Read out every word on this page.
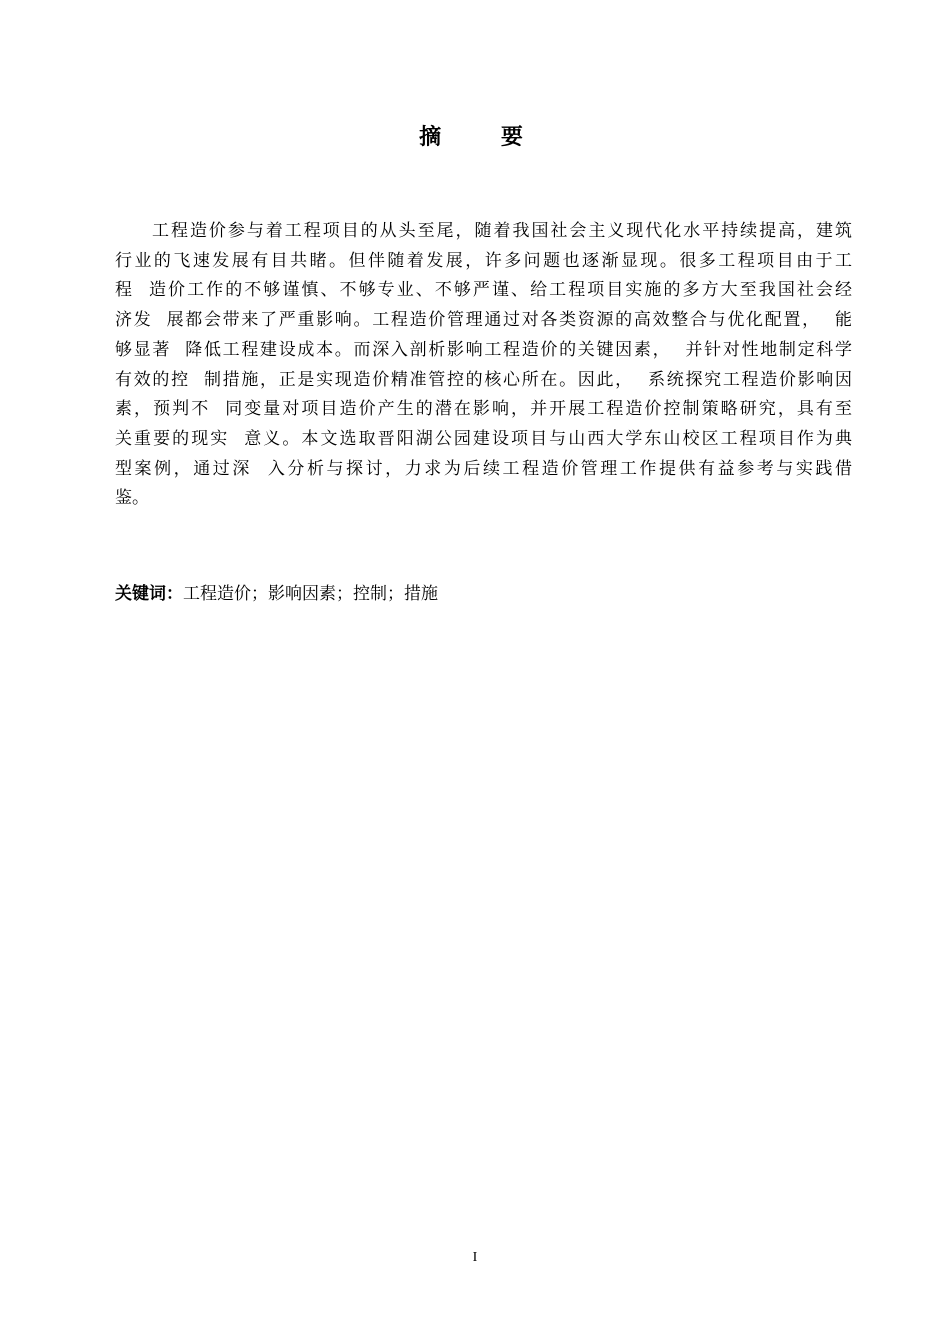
摘 要
工程造价参与着工程项目的从头至尾，随着我国社会主义现代化水平持续提高，建筑
行业的飞速发展有目共睹。但伴随着发展，许多问题也逐渐显现。很多工程项目由于工
程  造价工作的不够谨慎、不够专业、不够严谨、给工程项目实施的多方大至我国社会经
济发  展都会带来了严重影响。工程造价管理通过对各类资源的高效整合与优化配置，  能
够显著  降低工程建设成本。而深入剖析影响工程造价的关键因素，  并针对性地制定科学
有效的控  制措施，正是实现造价精准管控的核心所在。因此，  系统探究工程造价影响因
素，预判不  同变量对项目造价产生的潜在影响，并开展工程造价控制策略研究，具有至
关重要的现实  意义。本文选取晋阳湖公园建设项目与山西大学东山校区工程项目作为典
型案例，通过深  入分析与探讨，力求为后续工程造价管理工作提供有益参考与实践借
鉴。
关键词：工程造价；影响因素；控制；措施
I
